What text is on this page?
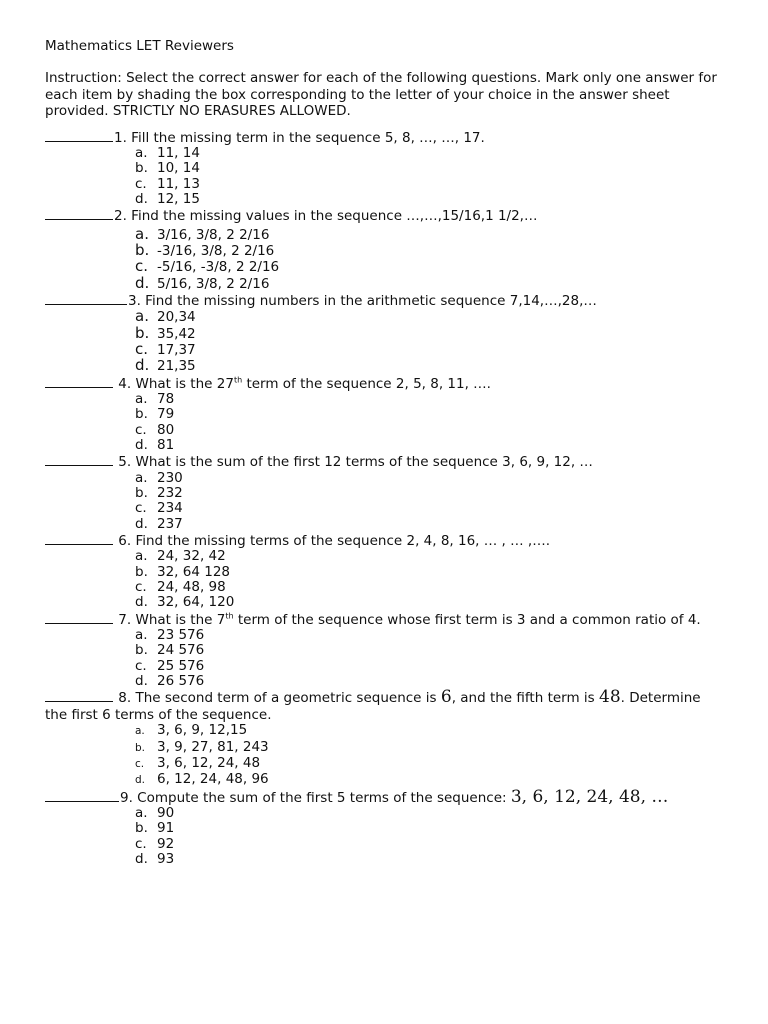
Mathematics LET Reviewers

Instruction: Select the correct answer for each of the following questions. Mark only one answer for each item by shading the box corresponding to the letter of your choice in the answer sheet provided. STRICTLY NO ERASURES ALLOWED.

1. Fill the missing term in the sequence 5, 8, …, …, 17.

a. 11, 14
b. 10, 14
c. 11, 13
d. 12, 15

2. Find the missing values in the sequence …,…,15/16,1 1/2,…

a. 3/16, 3/8, 2 2/16
b. -3/16, 3/8, 2 2/16
c. -5/16, -3/8, 2 2/16
d. 5/16, 3/8, 2 2/16

3. Find the missing numbers in the arithmetic sequence 7,14,…,28,…

a. 20,34
b. 35,42
c. 17,37
d. 21,35

4. What is the 27th term of the sequence 2, 5, 8, 11, ….

a. 78
b. 79
c. 80
d. 81

5. What is the sum of the first 12 terms of the sequence 3, 6, 9, 12, …

a. 230
b. 232
c. 234
d. 237

6. Find the missing terms of the sequence 2, 4, 8, 16, … , … ,….

a. 24, 32, 42
b. 32, 64 128
c. 24, 48, 98
d. 32, 64, 120

7. What is the 7th term of the sequence whose first term is 3 and a common ratio of 4.

a. 23 576
b. 24 576
c. 25 576
d. 26 576

8. The second term of a geometric sequence is 6, and the fifth term is 48. Determine the first 6 terms of the sequence.

a. 3, 6, 9, 12,15
b. 3, 9, 27, 81, 243
c. 3, 6, 12, 24, 48
d. 6, 12, 24, 48, 96

9. Compute the sum of the first 5 terms of the sequence: 3, 6, 12, 24, 48, …

a. 90
b. 91
c. 92
d. 93
